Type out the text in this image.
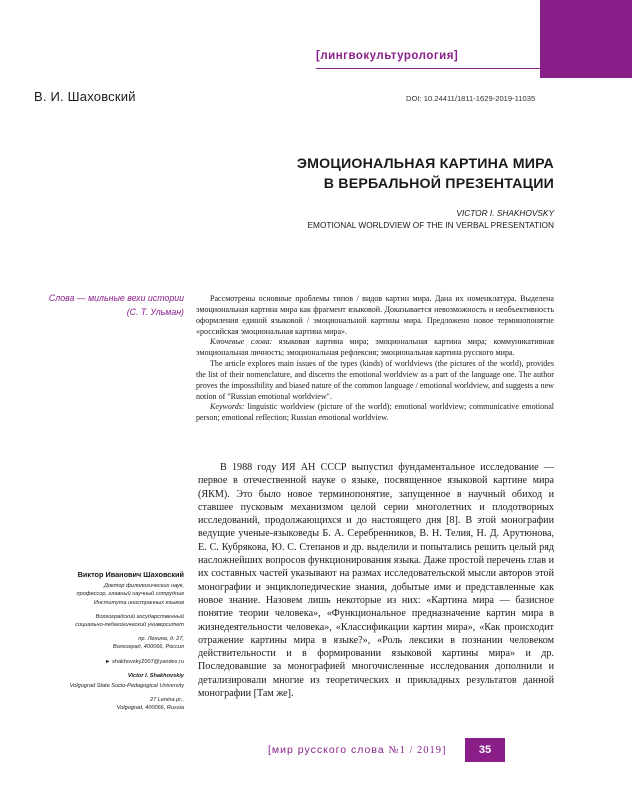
[лингвокультурология]
В. И. Шаховский	DOI: 10.24411/1811-1629-2019-11035
ЭМОЦИОНАЛЬНАЯ КАРТИНА МИРА
В ВЕРБАЛЬНОЙ ПРЕЗЕНТАЦИИ
VICTOR I. SHAKHOVSKY
EMOTIONAL WORLDVIEW OF THE IN VERBAL PRESENTATION
Слова — мильные вехи истории
(С. Т. Ульман)

Рассмотрены основные проблемы типов / видов картин мира. Дана их номенклатура. Выделена эмоциональная картина мира как фрагмент языковой. Доказывается невозможность и необъективность оформления единой языковой / эмоциональной картины мира. Предложено новое терминопонятие «российская эмоциональная картина мира».

Ключевые слова: языковая картина мира; эмоциональная картина мира; коммуникативная эмоциональная личность; эмоциональная рефлексия; эмоциональная картина русского мира.

The article explores main issues of the types (kinds) of worldviews (the pictures of the world), provides the list of their nomenclature, and discerns the emotional worldview as a part of the language one. The author proves the impossibility and biased nature of the common language / emotional worldview, and suggests a new notion of "Russian emotional worldview".

Keywords: linguistic worldview (picture of the world); emotional worldview; communicative emotional person; emotional reflection; Russian emotional worldview.

В 1988 году ИЯ АН СССР выпустил фундаментальное исследование — первое в отечественной науке о языке, посвященное языковой картине мира (ЯКМ). Это было новое терминопонятие, запущенное в научный обиход и ставшее пусковым механизмом целой серии многолетних и плодотворных исследований, продолжающихся и до настоящего дня [8]. В этой монографии ведущие ученые-языковеды Б. А. Серебренников, В. Н. Телия, Н. Д. Арутюнова, Е. С. Кубрякова, Ю. С. Степанов и др. выделили и попытались решить целый ряд насложнейших вопросов функционирования языка. Даже простой перечень глав и их составных частей указывают на размах исследовательской мысли авторов этой монографии и энциклопедические знания, добытые ими и представленные как новое знание. Назовем лишь некоторые из них: «Картина мира — базисное понятие теории человека», «Функциональное предназначение картин мира в жизнедеятельности человека», «Классификации картин мира», «Как происходит отражение картины мира в языке?», «Роль лексики в познании человеком действительности и в формировании языковой картины мира» и др. Последовавшие за монографией многочисленные исследования дополнили и детализировали многие из теоретических и прикладных результатов данной монографии [Там же].

Виктор Иванович Шаховский
Доктор филологических наук,
профессор, главный научный сотрудник
Института иностранных языков
Волгоградский государственный
социально-педагогический университет
пр. Ленина, д. 27,
Волгоград, 400066, Россия
► shakhovsky2007@yandex.ru
Victor I. Shakhovskiy
Volgograd State Socio-Pedagogical University
27 Lenina pr.,
Volgograd, 400066, Russia
[мир русского слова №1 / 2019]	35
